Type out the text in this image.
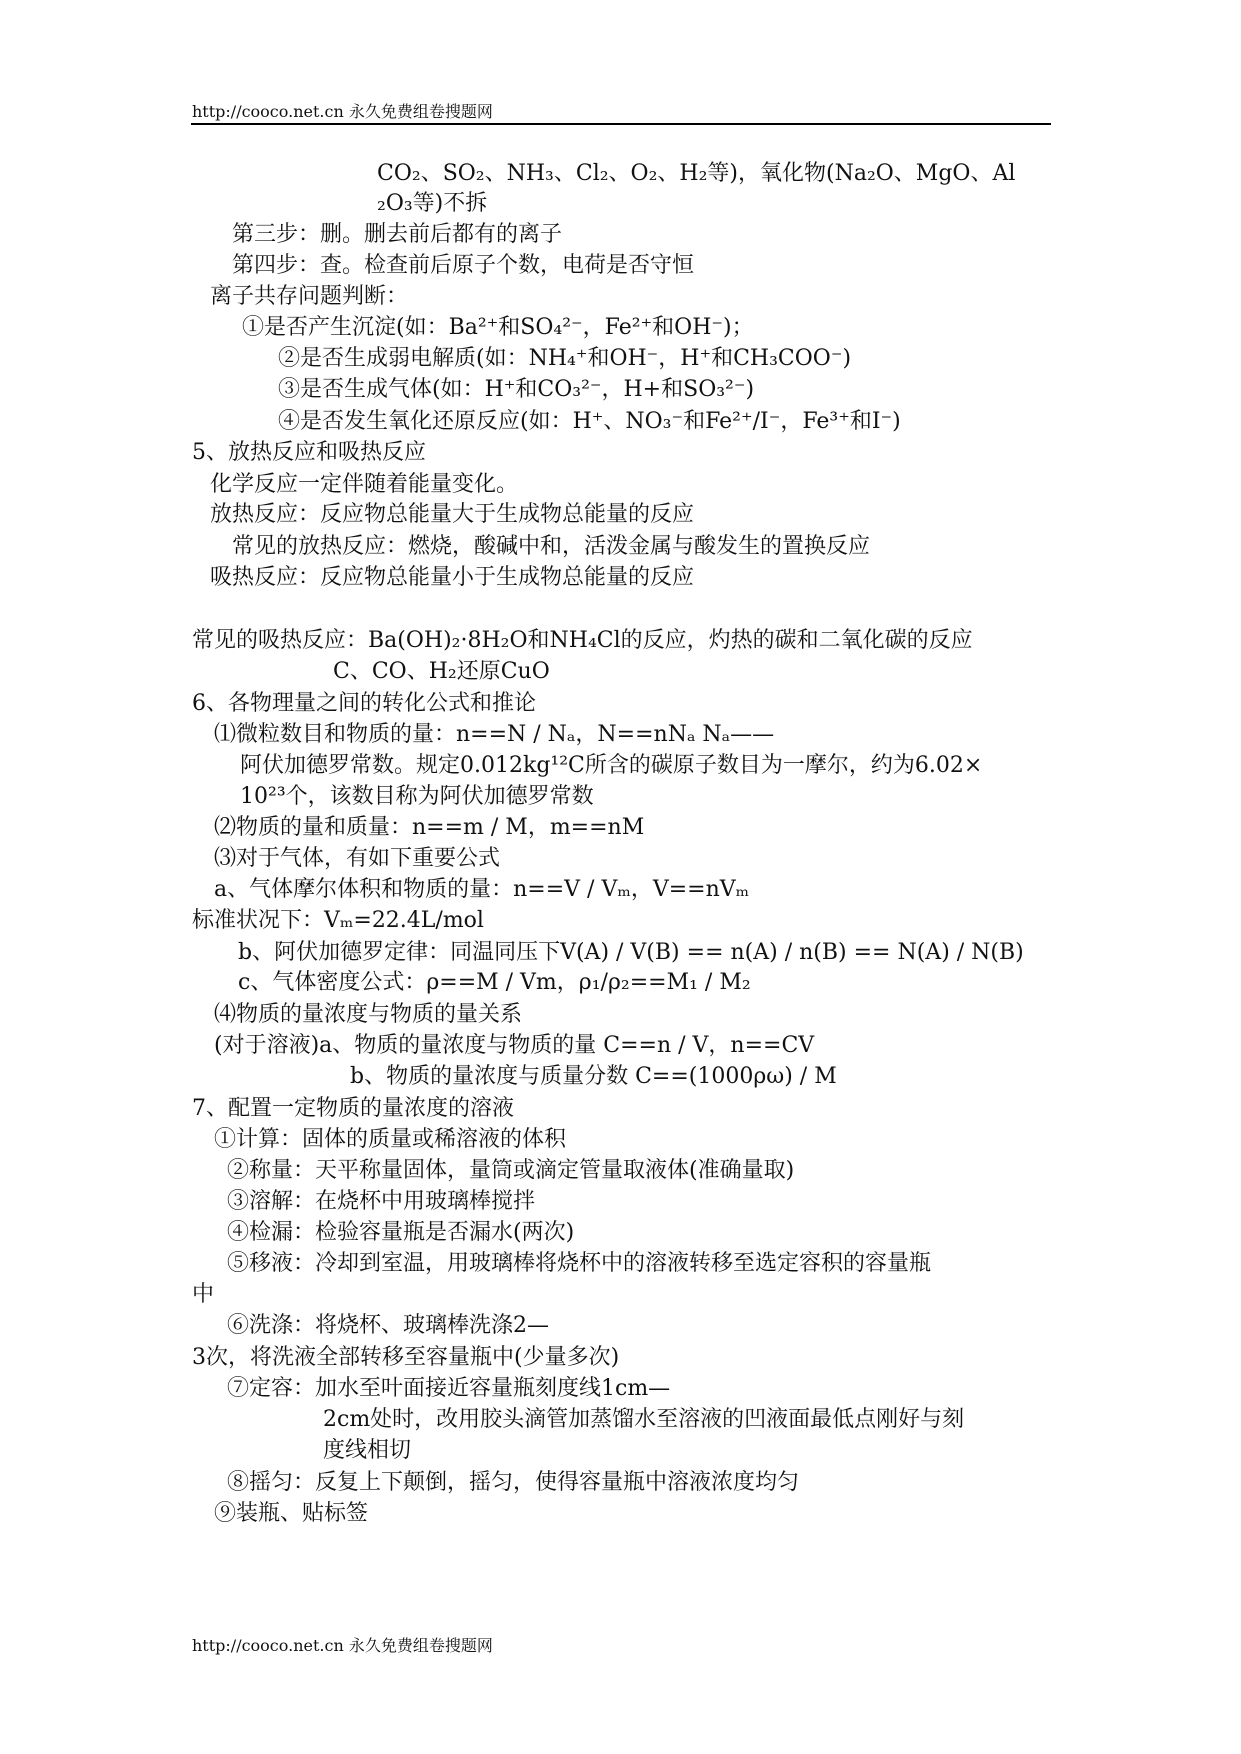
http://cooco.net.cn 永久免费组卷搜题网
CO₂、SO₂、NH₃、Cl₂、O₂、H₂等)，氧化物(Na₂O、MgO、Al
₂O₃等)不拆
第三步：删。删去前后都有的离子
第四步：查。检查前后原子个数，电荷是否守恒
离子共存问题判断：
①是否产生沉淀(如：Ba²⁺和SO₄²⁻，Fe²⁺和OH⁻)；
②是否生成弱电解质(如：NH₄⁺和OH⁻，H⁺和CH₃COO⁻)
③是否生成气体(如：H⁺和CO₃²⁻，H+和SO₃²⁻)
④是否发生氧化还原反应(如：H⁺、NO₃⁻和Fe²⁺/I⁻，Fe³⁺和I⁻)
5、放热反应和吸热反应
化学反应一定伴随着能量变化。
放热反应：反应物总能量大于生成物总能量的反应
常见的放热反应：燃烧，酸碱中和，活泼金属与酸发生的置换反应
吸热反应：反应物总能量小于生成物总能量的反应
常见的吸热反应：Ba(OH)₂·8H₂O和NH₄Cl的反应，灼热的碳和二氧化碳的反应
C、CO、H₂还原CuO
6、各物理量之间的转化公式和推论
⑴微粒数目和物质的量：n==N / Nₐ，N==nNₐ Nₐ——
阿伏加德罗常数。规定0.012kg¹²C所含的碳原子数目为一摩尔，约为6.02×
10²³个，该数目称为阿伏加德罗常数
⑵物质的量和质量：n==m / M，m==nM
⑶对于气体，有如下重要公式
a、气体摩尔体积和物质的量：n==V / Vₘ，V==nVₘ
标准状况下：Vₘ=22.4L/mol
b、阿伏加德罗定律：同温同压下V(A) / V(B) == n(A) / n(B) == N(A) / N(B)
c、气体密度公式：ρ==M / Vm，ρ₁/ρ₂==M₁ / M₂
⑷物质的量浓度与物质的量关系
(对于溶液)a、物质的量浓度与物质的量 C==n / V，n==CV
b、物质的量浓度与质量分数 C==(1000ρω) / M
7、配置一定物质的量浓度的溶液
①计算：固体的质量或稀溶液的体积
②称量：天平称量固体，量筒或滴定管量取液体(准确量取)
③溶解：在烧杯中用玻璃棒搅拌
④检漏：检验容量瓶是否漏水(两次)
⑤移液：冷却到室温，用玻璃棒将烧杯中的溶液转移至选定容积的容量瓶
中
⑥洗涤：将烧杯、玻璃棒洗涤2—
3次，将洗液全部转移至容量瓶中(少量多次)
⑦定容：加水至叶面接近容量瓶刻度线1cm—
2cm处时，改用胶头滴管加蒸馏水至溶液的凹液面最低点刚好与刻
度线相切
⑧摇匀：反复上下颠倒，摇匀，使得容量瓶中溶液浓度均匀
⑨装瓶、贴标签
http://cooco.net.cn 永久免费组卷搜题网
